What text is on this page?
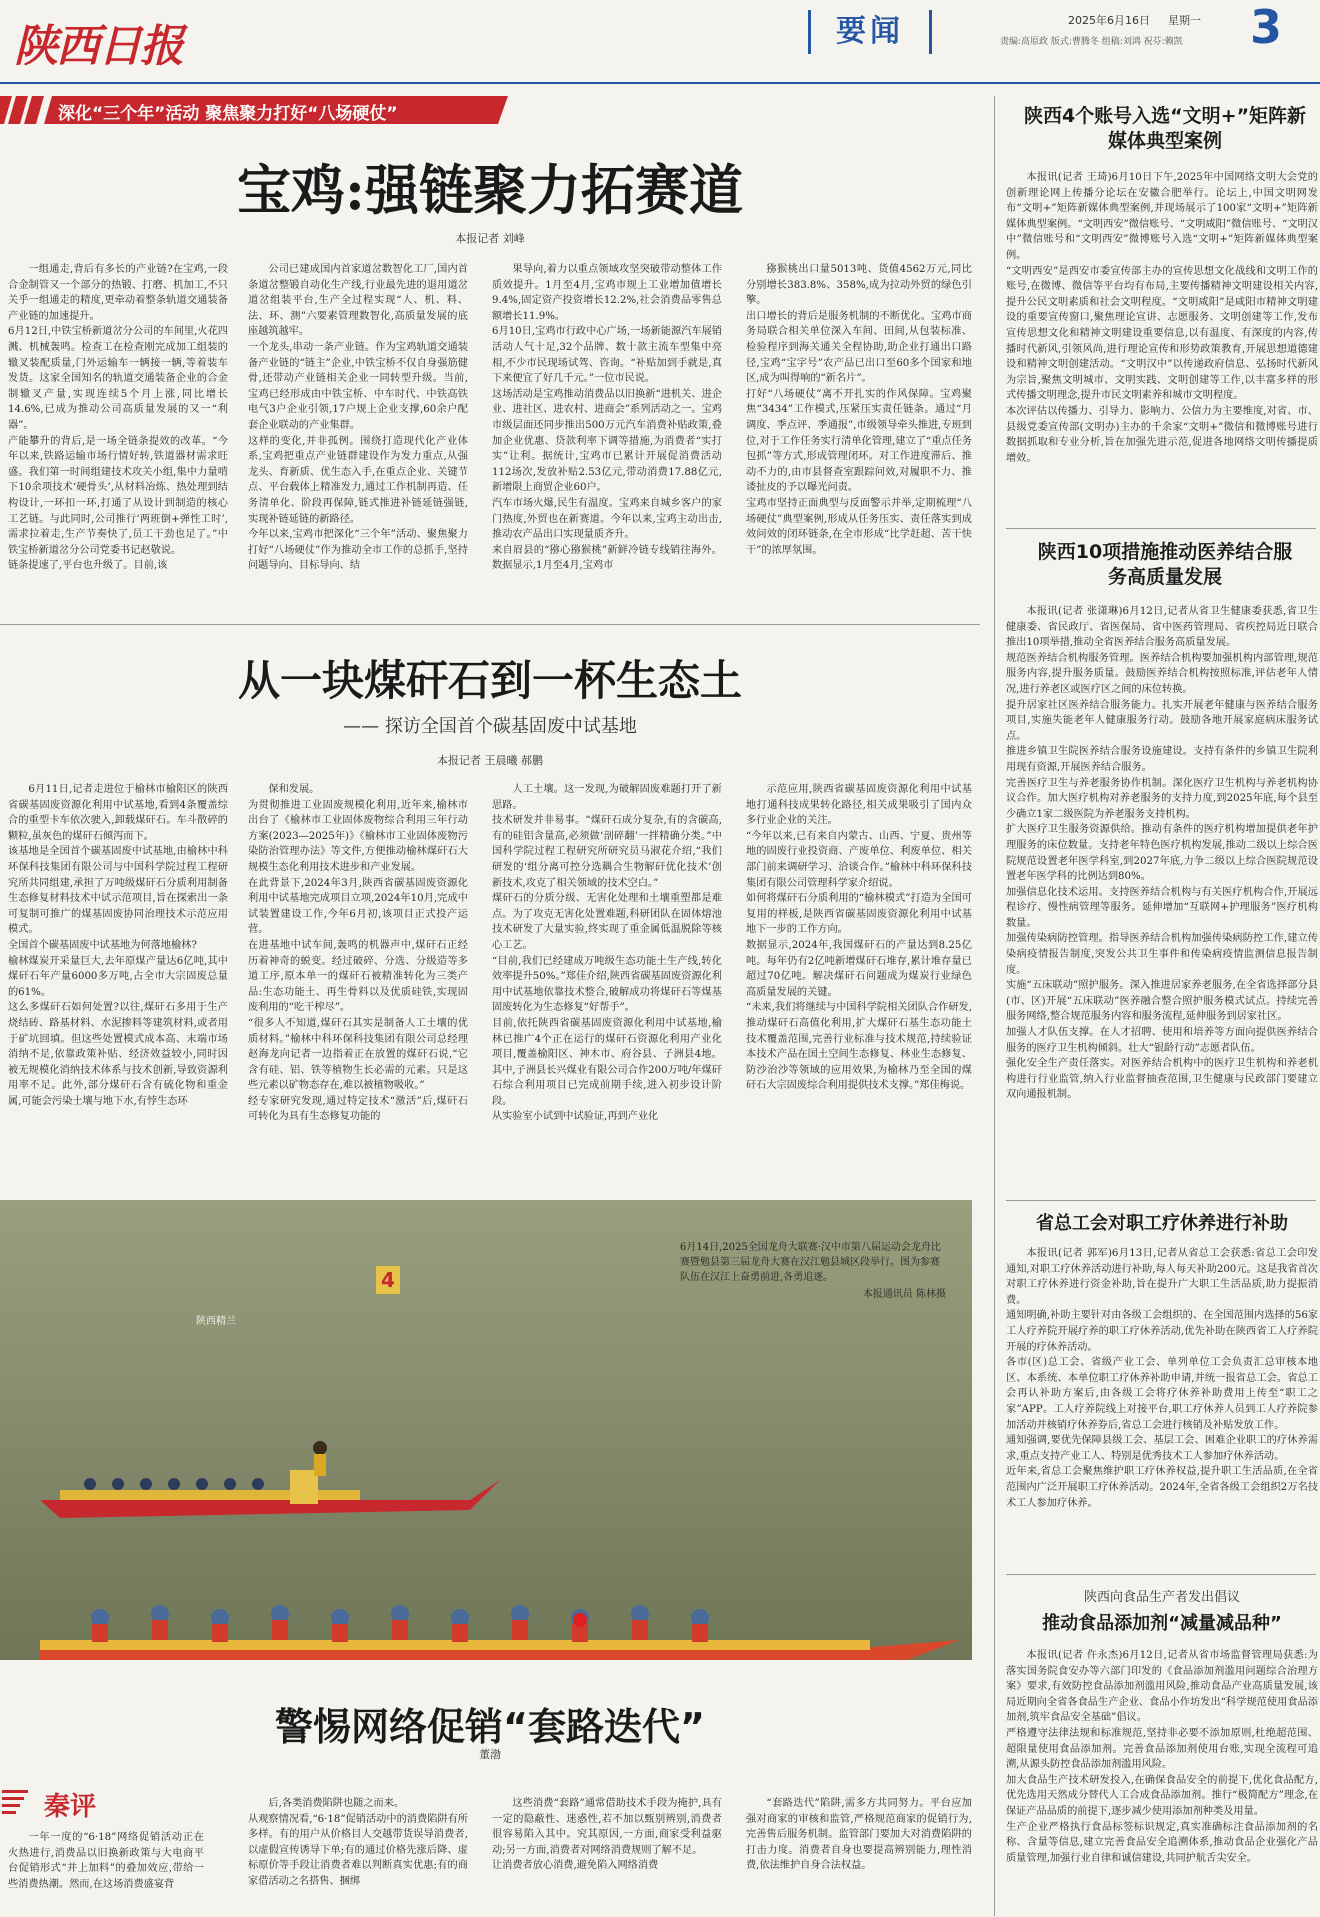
陕西日报	要闻	2025年6月16日 星期一	3
责编:高原政 版式:曹腾冬 组稿:刘鸿 祝芬:赖凯
深化“三个年”活动 聚焦聚力打好“八场硬仗”
宝鸡:强链聚力拓赛道
本报记者 刘峰

一组通走,背后有多长的产业链?在宝鸡,一段合金制管又一个部分的热锻、打磨、机加工,不只关乎一组通走的精度,更牵动着整条轨道交通装备产业链的加速提升。
6月12日,中铁宝桥新道岔分公司的车间里,火花四溅、机械轰鸣。检查工在检查刚完成加工组装的辙叉装配质量,门外运输车一辆接一辆,等着装车发货。这家全国知名的轨道交通装备企业的合金制辙叉产量,实现连续5个月上涨,同比增长14.6%,已成为推动公司高质量发展的又一“利器”。
产能攀升的背后,是一场全链条提效的改革。“今年以来,铁路运输市场行情好转,铁道器材需求旺盛。我们第一时间组建技术攻关小组,集中力量啃下10余项技术‘硬骨头’,从材料冶炼、热处理到结构设计,一环扣一环,打通了从设计到制造的核心工艺链。与此同时,公司推行‘两班倒+弹性工时’,需求拉着走,生产节奏快了,员工干劲也足了。”中铁宝桥新道岔分公司党委书记赵敬说。
链条提速了,平台也升级了。目前,该

公司已建成国内首家道岔数智化工厂,国内首条道岔整锻自动化生产线,行业最先进的退用道岔道岔组装平台,生产全过程实现“人、机、料、法、环、测”六要素管理数智化,高质量发展的底座越筑越牢。
一个龙头,串动一条产业链。作为宝鸡轨道交通装备产业链的“链主”企业,中铁宝桥不仅自身强筋健骨,还带动产业链相关企业一同转型升级。当前,宝鸡已经形成由中铁宝桥、中车时代、中铁高铁电气3户企业引领,17户规上企业支撑,60余户配套企业联动的产业集群。
这样的变化,并非孤例。围绕打造现代化产业体系,宝鸡把重点产业链群建设作为发力重点,从强龙头、育新质、优生态入手,在重点企业、关键节点、平台载体上精准发力,通过工作机制再造、任务清单化、阶段再保障,链式推进补链延链强链,实现补链延链的新路径。
今年以来,宝鸡市把深化“三个年”活动、聚焦聚力打好“八场硬仗”作为推动全市工作的总抓手,坚持问题导向、目标导向、结

果导向,着力以重点领域攻坚突破带动整体工作质效提升。1月至4月,宝鸡市规上工业增加值增长9.4%,固定资产投资增长12.2%,社会消费品零售总额增长11.9%。
6月10日,宝鸡市行政中心广场,一场新能源汽车展销活动人气十足,32个品牌、数十款主流车型集中亮相,不少市民现场试驾、咨询。“补贴加到手就是,真下来便宜了好几千元。”一位市民说。
这场活动是宝鸡推动消费品以旧换新“进机关、进企业、进社区、进农村、进商会”系列活动之一。宝鸡市级层面还同步推出500万元汽车消费补贴政策,叠加企业优惠、贷款利率下调等措施,为消费者“实打实”让利。据统计,宝鸡市已累计开展促消费活动112场次,发放补贴2.53亿元,带动消费17.88亿元,新增限上商贸企业60户。
汽车市场火爆,民生有温度。宝鸡来自城乡客户的家门热度,外贸也在新赛道。今年以来,宝鸡主动出击,推动农产品出口实现量质齐升。
来自眉县的“猕心猕猴桃”新鲜冷链专线销往海外。数据显示,1月至4月,宝鸡市

猕猴桃出口量5013吨、货值4562万元,同比分别增长383.8%、358%,成为拉动外贸的绿色引擎。
出口增长的背后是服务机制的不断优化。宝鸡市商务局联合相关单位深入车间、田间,从包装标准、检验程序到海关通关全程协助,助企业打通出口路径,宝鸡“宝字号”农产品已出口至60多个国家和地区,成为叫得响的“新名片”。
打好“八场硬仗”离不开扎实的作风保障。宝鸡聚焦“3434”工作模式,压紧压实责任链条。通过“月调度、季点评、季通报”,市级领导牵头推进,专班到位,对于工作任务实行清单化管理,建立了“重点任务包抓”等方式,形成管理闭环。对工作进度滞后、推动不力的,由市县督查室跟踪问效,对履职不力、推诿扯皮的予以曝光问责。
宝鸡市坚持正面典型与反面警示并举,定期梳理“八场硬仗”典型案例,形成从任务压实、责任落实到成效问效的闭环链条,在全市形成“比学赶超、苦干快干”的浓厚氛围。

从一块煤矸石到一杯生态土
—— 探访全国首个碳基固废中试基地
本报记者 王晨曦 郝鹏

6月11日,记者走进位于榆林市榆阳区的陕西省碳基固废资源化利用中试基地,看到4条覆盖综合的重型卡车依次驶入,卸载煤矸石。车斗散碎的颗粒,虽灰色的煤矸石倾泻而下。
该基地是全国首个碳基固废中试基地,由榆林中科环保科技集团有限公司与中国科学院过程工程研究所共同组建,承担了万吨级煤矸石分质利用制备生态修复材料技术中试示范项目,旨在探索出一条可复制可推广的煤基固废协同治理技术示范应用模式。
全国首个碳基固废中试基地为何落地榆林?
榆林煤炭开采量巨大,去年原煤产量达6亿吨,其中煤矸石年产量6000多万吨,占全市大宗固废总量的61%。
这么多煤矸石如何处置?以往,煤矸石多用于生产烧结砖、路基材料、水泥掺料等建筑材料,或者用于矿坑回填。但这些处置模式成本高、末端市场消纳不足,依靠政策补贴、经济效益较小,同时因被无规模化消纳技术体系与技术创新,导致资源利用率不足。此外,部分煤矸石含有硫化物和重金属,可能会污染土壤与地下水,有悖生态环

保和发展。
为贯彻推进工业固废规模化利用,近年来,榆林市出台了《榆林市工业固体废物综合利用三年行动方案(2023—2025年)》《榆林市工业固体废物污染防治管理办法》等文件,方便推动榆林煤矸石大规模生态化利用技术进步和产业发展。
在此背景下,2024年3月,陕西省碳基固废资源化利用中试基地完成项目立项,2024年10月,完成中试装置建设工作,今年6月初,该项目正式投产运营。
在进基地中试车间,轰鸣的机器声中,煤矸石正经历着神奇的蜕变。经过破碎、分选、分级造等多道工序,原本单一的煤矸石被精准转化为三类产品:生态功能土、再生骨料以及优质硅铁,实现固废利用的“吃干榨尽”。
“很多人不知道,煤矸石其实是制备人工土壤的优质材料。”榆林中科环保科技集团有限公司总经理赵海龙向记者一边指着正在放置的煤矸石说,“它含有硅、铝、铁等植物生长必需的元素。只是这些元素以矿物态存在,难以被植物吸收。”
经专家研究发现,通过特定技术“激活”后,煤矸石可转化为具有生态修复功能的

人工土壤。这一发现,为破解固废难题打开了新思路。
技术研发并非易事。“煤矸石成分复杂,有的含碳高,有的硅铝含量高,必须做‘剖碎翻’一拌精确分类。”中国科学院过程工程研究所研究员马淑花介绍,“我们研发的‘组分离可控分选耦合生物解矸优化技术’创新技术,攻克了相关领域的技术空白。”
煤矸石的分质分级、无害化处理和土壤重塑都是难点。为了攻克无害化处置难题,科研团队在固体熔池技术研发了大量实验,终实现了重金属低温脱除等核心工艺。
“目前,我们已经建成万吨级生态功能土生产线,转化效率提升50%。”郑佳介绍,陕西省碳基固废资源化利用中试基地依靠技术整合,破解成功将煤矸石等煤基固废转化为生态修复“好帮手”。
目前,依托陕西省碳基固废资源化利用中试基地,榆林已推广4个正在运行的煤矸石资源化利用产业化项目,覆盖榆阳区、神木市、府谷县、子洲县4地。其中,子洲县长兴煤业有限公司合作200万吨/年煤矸石综合利用项目已完成前期手续,进入初步设计阶段。
从实验室小试到中试验证,再到产业化

示范应用,陕西省碳基固废资源化利用中试基地打通科技成果转化路径,相关成果吸引了国内众多行业企业的关注。
“今年以来,已有来自内蒙古、山西、宁夏、贵州等地的固废行业投资商、产废单位、利废单位、相关部门前来调研学习、洽谈合作。”榆林中科环保科技集团有限公司管理科学家介绍说。
如何将煤矸石分质利用的“榆林模式”打造为全国可复用的样板,是陕西省碳基固废资源化利用中试基地下一步的工作方向。
数据显示,2024年,我国煤矸石的产量达到8.25亿吨。每年仍有2亿吨新增煤矸石堆存,累计堆存量已超过70亿吨。解决煤矸石问题成为煤炭行业绿色高质量发展的关键。
“未来,我们将继续与中国科学院相关团队合作研发,推动煤矸石高值化利用,扩大煤矸石基生态功能土技术覆盖范围,完善行业标准与技术规范,持续验证本技术产品在国土空间生态修复、林业生态修复、防沙治沙等领域的应用效果,为榆林乃至全国的煤矸石大宗固废综合利用提供技术支撑。”郑佳梅说。

4
陕西精兰
6月14日,2025全国龙舟大联赛·汉中市第八届运动会龙舟比赛暨勉县第三届龙舟大赛在汉江勉县城区段举行。图为参赛队伍在汉江上奋勇前进,各勇追逐。
本报通讯员 陈林摄
警惕网络促销“套路迭代”
董渤
秦评

一年一度的“6·18”网络促销活动正在火热进行,消费品以旧换新政策与大电商平台促销形式“并上加料”的叠加效应,带给一些消费热潮。然而,在这场消费盛宴背

后,各类消费陷阱也随之而来。
从观察情况看,“6·18”促销活动中的消费陷阱有所多样。有的用户从价格目人交越带货误导消费者,以虚假宣传诱导下单;有的通过价格先涨后降、虚标原价等手段让消费者难以判断真实优惠;有的商家借活动之名搭售、捆绑

这些消费“套路”通常借助技术手段为掩护,具有一定的隐蔽性、迷惑性,若不加以甄别辨别,消费者很容易陷入其中。究其原因,一方面,商家受利益驱动;另一方面,消费者对网络消费规则了解不足。
让消费者放心消费,避免陷入网络消费

“套路迭代”陷阱,需多方共同努力。平台应加强对商家的审核和监管,严格规范商家的促销行为,完善售后服务机制。监管部门要加大对消费陷阱的打击力度。消费者自身也要提高辨别能力,理性消费,依法维护自身合法权益。

陕西4个账号入选“文明+”矩阵新媒体典型案例

本报讯(记者 王琦)6月10日下午,2025年中国网络文明大会党的创新理论网上传播分论坛在安徽合肥举行。论坛上,中国文明网发布“文明+”矩阵新媒体典型案例,并现场展示了100家“文明+”矩阵新媒体典型案例。“文明西安”微信账号、“文明咸阳”微信账号、“文明汉中”微信账号和“文明西安”微博账号入选“文明+”矩阵新媒体典型案例。
“文明西安”是西安市委宣传部主办的宣传思想文化战线和文明工作的账号,在微博、微信等平台均有布局,主要传播精神文明建设相关内容,提升公民文明素质和社会文明程度。“文明咸阳”是咸阳市精神文明建设的重要宣传窗口,聚焦理论宣讲、志愿服务、文明创建等工作,发布宣传思想文化和精神文明建设重要信息,以有温度、有深度的内容,传播时代新风,引领风尚,进行理论宣传和形势政策教育,开展思想道德建设和精神文明创建活动。“文明汉中”以传递政府信息、弘扬时代新风为宗旨,聚焦文明城市、文明实践、文明创建等工作,以丰富多样的形式传播文明理念,提升市民文明素养和城市文明程度。
本次评估以传播力、引导力、影响力、公信力为主要维度,对省、市、县级党委宣传部(文明办)主办的千余家“文明+”微信和微博账号进行数据抓取和专业分析,旨在加强先进示范,促进各地网络文明传播提质增效。

陕西10项措施推动医养结合服务高质量发展

本报讯(记者 张潇琳)6月12日,记者从省卫生健康委获悉,省卫生健康委、省民政厅、省医保局、省中医药管理局、省疾控局近日联合推出10项举措,推动全省医养结合服务高质量发展。
规范医养结合机构服务管理。医养结合机构要加强机构内部管理,规范服务内容,提升服务质量。鼓励医养结合机构按照标准,评估老年人情况,进行养老区或医疗区之间的床位转换。
提升居家社区医养结合服务能力。扎实开展老年健康与医养结合服务项目,实施失能老年人健康服务行动。鼓励各地开展家庭病床服务试点。
推进乡镇卫生院医养结合服务设施建设。支持有条件的乡镇卫生院利用现有资源,开展医养结合服务。
完善医疗卫生与养老服务协作机制。深化医疗卫生机构与养老机构协议合作。加大医疗机构对养老服务的支持力度,到2025年底,每个县至少确立1家二级医院为养老服务支持机构。
扩大医疗卫生服务资源供给。推动有条件的医疗机构增加提供老年护理服务的床位数量。支持老年特色医疗机构发展,推动二级以上综合医院规范设置老年医学科室,到2027年底,力争二级以上综合医院规范设置老年医学科的比例达到80%。
加强信息化技术运用。支持医养结合机构与有关医疗机构合作,开展远程诊疗、慢性病管理等服务。延伸增加“互联网+护理服务”医疗机构数量。
加强传染病防控管理。指导医养结合机构加强传染病防控工作,建立传染病疫情报告制度,突发公共卫生事件和传染病疫情监测信息报告制度。
实施“五床联动”照护服务。深入推进居家养老服务,在全省选择部分县(市、区)开展“五床联动”医养融合整合照护服务模式试点。持续完善服务网络,整合规范服务内容和服务流程,延伸服务到居家社区。
加强人才队伍支撑。在人才招聘、使用和培养等方面向提供医养结合服务的医疗卫生机构倾斜。壮大“银龄行动”志愿者队伍。
强化安全生产责任落实。对医养结合机构中的医疗卫生机构和养老机构进行行业监管,纳入行业监督抽查范围,卫生健康与民政部门要建立双向通报机制。

省总工会对职工疗休养进行补助

本报讯(记者 郭军)6月13日,记者从省总工会获悉:省总工会印发通知,对职工疗休养活动进行补助,每人每天补助200元。这是我省首次对职工疗休养进行资金补助,旨在提升广大职工生活品质,助力提振消费。
通知明确,补助主要针对由各级工会组织的、在全国范围内选择的56家工人疗养院开展疗养的职工疗休养活动,优先补助在陕西省工人疗养院开展的疗休养活动。
各市(区)总工会、省级产业工会、单列单位工会负责汇总审核本地区、本系统、本单位职工疗休养补助申请,并统一报省总工会。省总工会再认补助方案后,由各级工会将疗休养补助费用上传至“职工之家”APP。工人疗养院线上对接平台,职工疗休养人员到工人疗养院参加活动并核销疗休养券后,省总工会进行核销及补贴发放工作。
通知强调,要优先保障县级工会、基层工会、困难企业职工的疗休养需求,重点支持产业工人、特别是优秀技术工人参加疗休养活动。
近年来,省总工会聚焦维护职工疗休养权益,提升职工生活品质,在全省范围内广泛开展职工疗休养活动。2024年,全省各级工会组织2万名技术工人参加疗休养。

陕西向食品生产者发出倡议
推动食品添加剂“减量减品种”

本报讯(记者 仵永杰)6月12日,记者从省市场监督管理局获悉:为落实国务院食安办等六部门印发的《食品添加剂滥用问题综合治理方案》要求,有效防控食品添加剂滥用风险,推动食品产业高质量发展,该局近期向全省各食品生产企业、食品小作坊发出“科学规范使用食品添加剂,筑牢食品安全基础”倡议。
严格遵守法律法规和标准规范,坚持非必要不添加原则,杜绝超范围、超限量使用食品添加剂。完善食品添加剂使用台账,实现全流程可追溯,从源头防控食品添加剂滥用风险。
加大食品生产技术研发投入,在确保食品安全的前提下,优化食品配方,优先选用天然成分替代人工合成食品添加剂。推行“极简配方”理念,在保证产品品质的前提下,逐步减少使用添加剂种类及用量。
生产企业严格执行食品标签标识规定,真实准确标注食品添加剂的名称、含量等信息,建立完善食品安全追溯体系,推动食品企业强化产品质量管理,加强行业自律和诚信建设,共同护航舌尖安全。
